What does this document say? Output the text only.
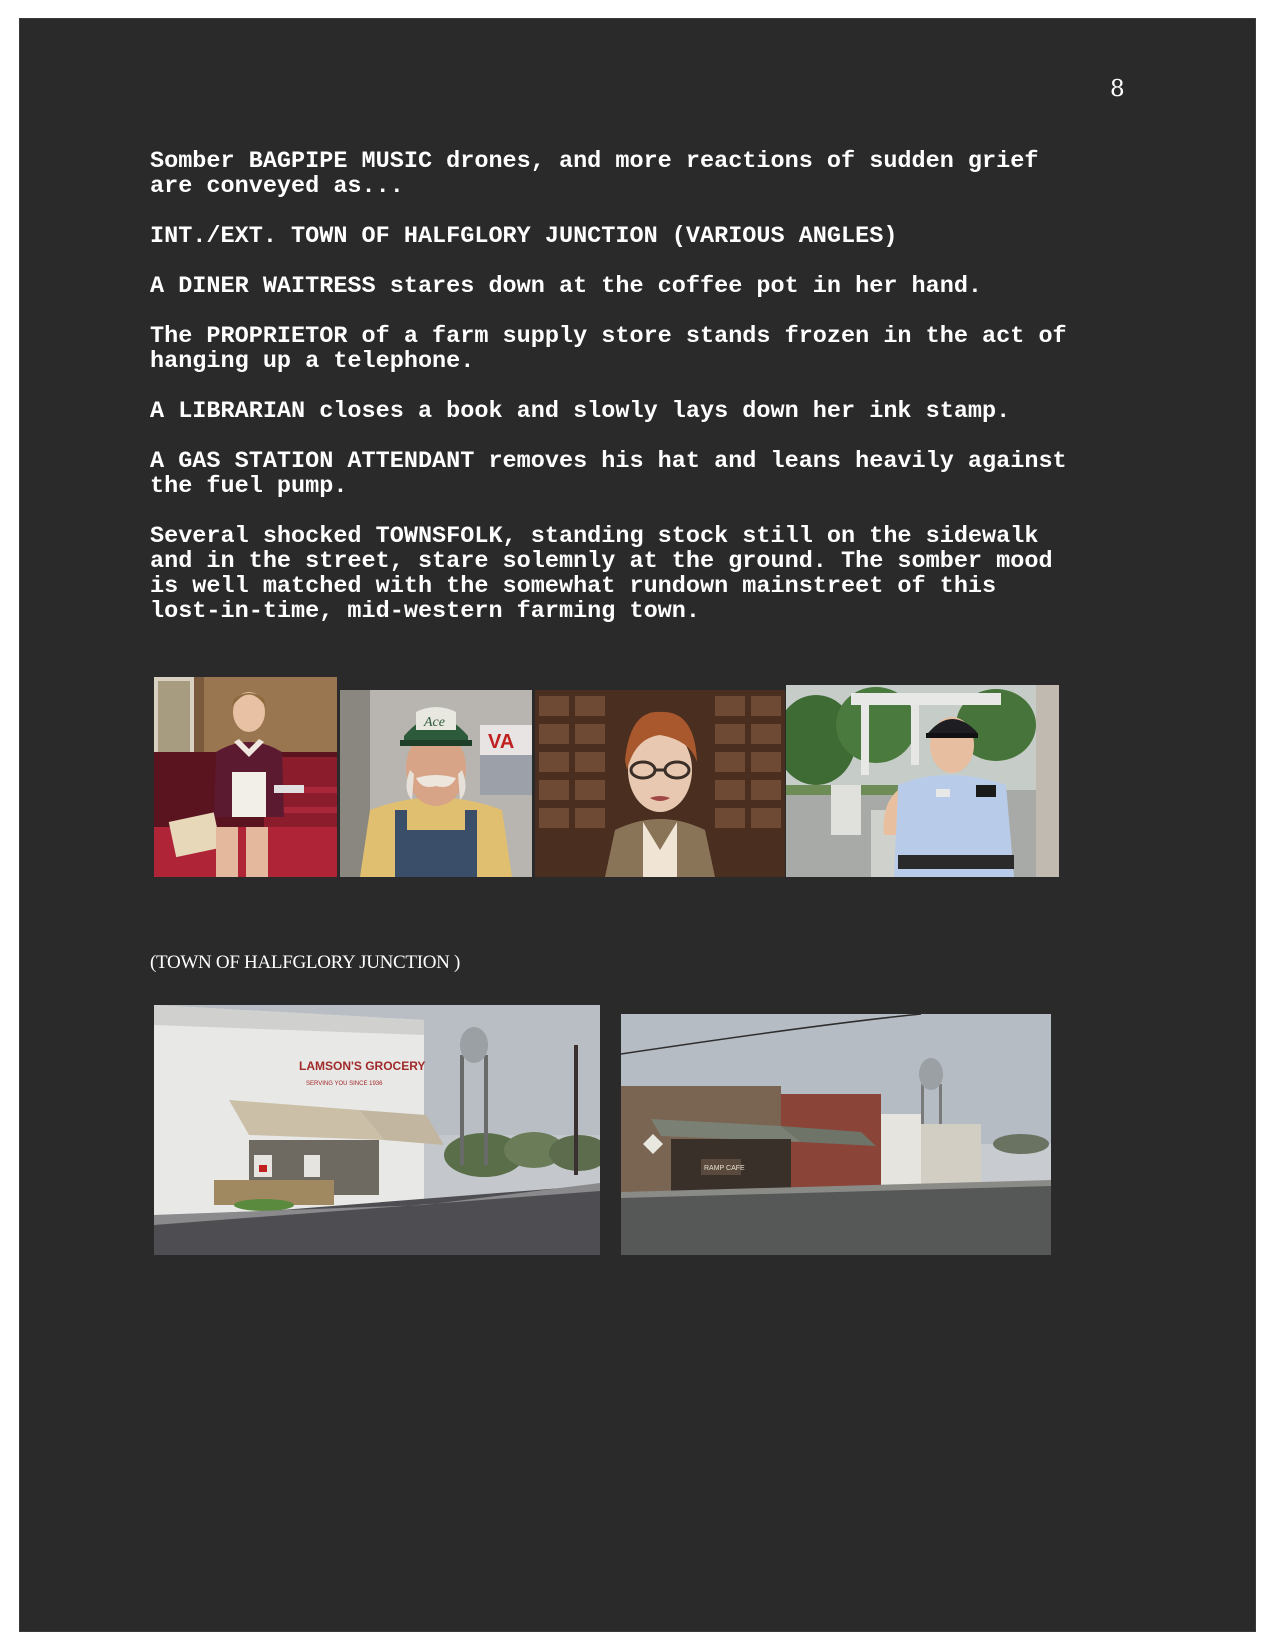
8

Somber BAGPIPE MUSIC drones, and more reactions of sudden grief
are conveyed as...

INT./EXT. TOWN OF HALFGLORY JUNCTION (VARIOUS ANGLES)

A DINER WAITRESS stares down at the coffee pot in her hand.

The PROPRIETOR of a farm supply store stands frozen in the act of
hanging up a telephone.

A LIBRARIAN closes a book and slowly lays down her ink stamp.

A GAS STATION ATTENDANT removes his hat and leans heavily against
the fuel pump.

Several shocked TOWNSFOLK, standing stock still on the sidewalk
and in the street, stare solemnly at the ground. The somber mood
is well matched with the somewhat rundown mainstreet of this
lost-in-time, mid-western farming town.

VA
Ace
(TOWN OF HALFGLORY JUNCTION )
LAMSON'S GROCERY
SERVING YOU SINCE 1936
RAMP CAFE
